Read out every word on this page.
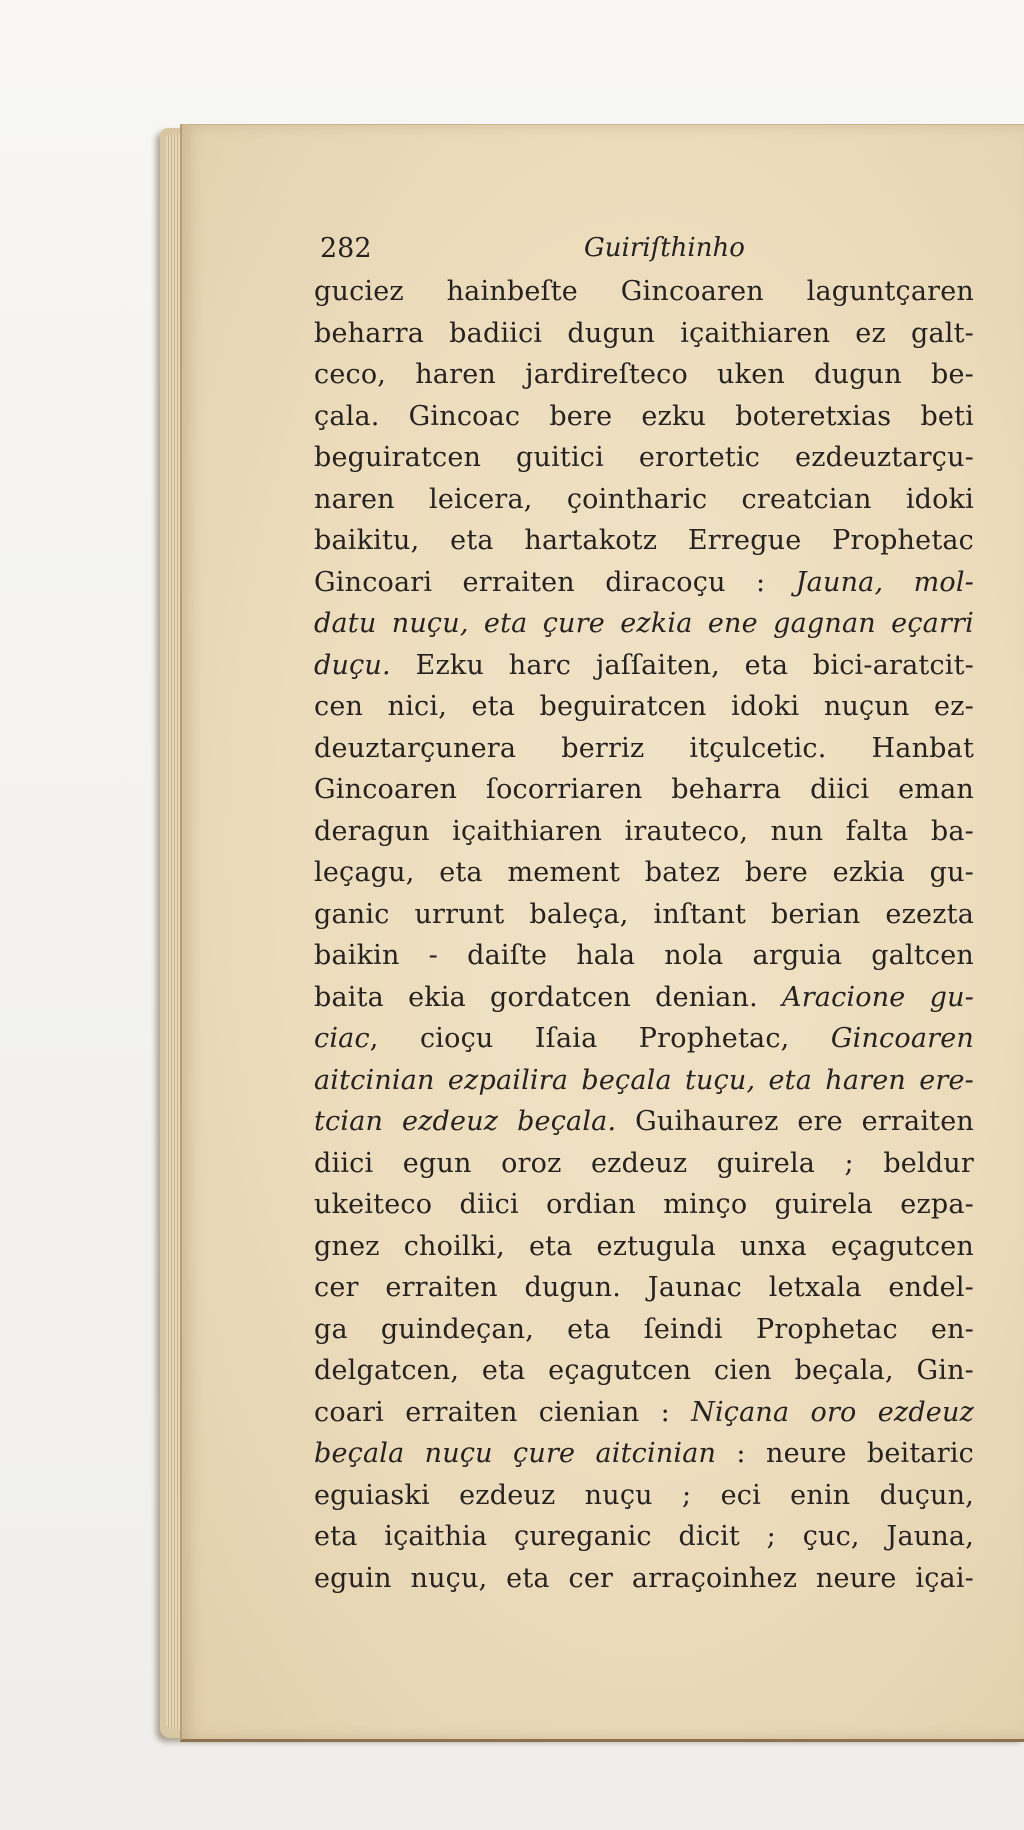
282	Guiriſthinho
guciez hainbeſte Gincoaren laguntçaren
beharra badiici dugun içaithiaren ez galt-
ceco, haren jardireſteco uken dugun be-
çala. Gincoac bere ezku boteretxias beti
beguiratcen guitici erortetic ezdeuztarçu-
naren leicera, çointharic creatcian idoki
baikitu, eta hartakotz Erregue Prophetac
Gincoari erraiten diracoçu : Jauna, mol-
datu nuçu, eta çure ezkia ene gagnan eçarri
duçu. Ezku harc jaſſaiten, eta bici-aratcit-
cen nici, eta beguiratcen idoki nuçun ez-
deuztarçunera berriz itçulcetic. Hanbat
Gincoaren ſocorriaren beharra diici eman
deragun içaithiaren irauteco, nun falta ba-
leçagu, eta mement batez bere ezkia gu-
ganic urrunt baleça, inſtant berian ezezta
baikin - daiſte hala nola arguia galtcen
baita ekia gordatcen denian. Aracione gu-
ciac, cioçu Iſaia Prophetac, Gincoaren
aitcinian ezpailira beçala tuçu, eta haren ere-
tcian ezdeuz beçala. Guihaurez ere erraiten
diici egun oroz ezdeuz guirela ; beldur
ukeiteco diici ordian minço guirela ezpa-
gnez choilki, eta eztugula unxa eçagutcen
cer erraiten dugun. Jaunac letxala endel-
ga guindeçan, eta ſeindi Prophetac en-
delgatcen, eta eçagutcen cien beçala, Gin-
coari erraiten cienian : Niçana oro ezdeuz
beçala nuçu çure aitcinian : neure beitaric
eguiaski ezdeuz nuçu ; eci enin duçun,
eta içaithia çureganic dicit ; çuc, Jauna,
eguin nuçu, eta cer arraçoinhez neure içai-
